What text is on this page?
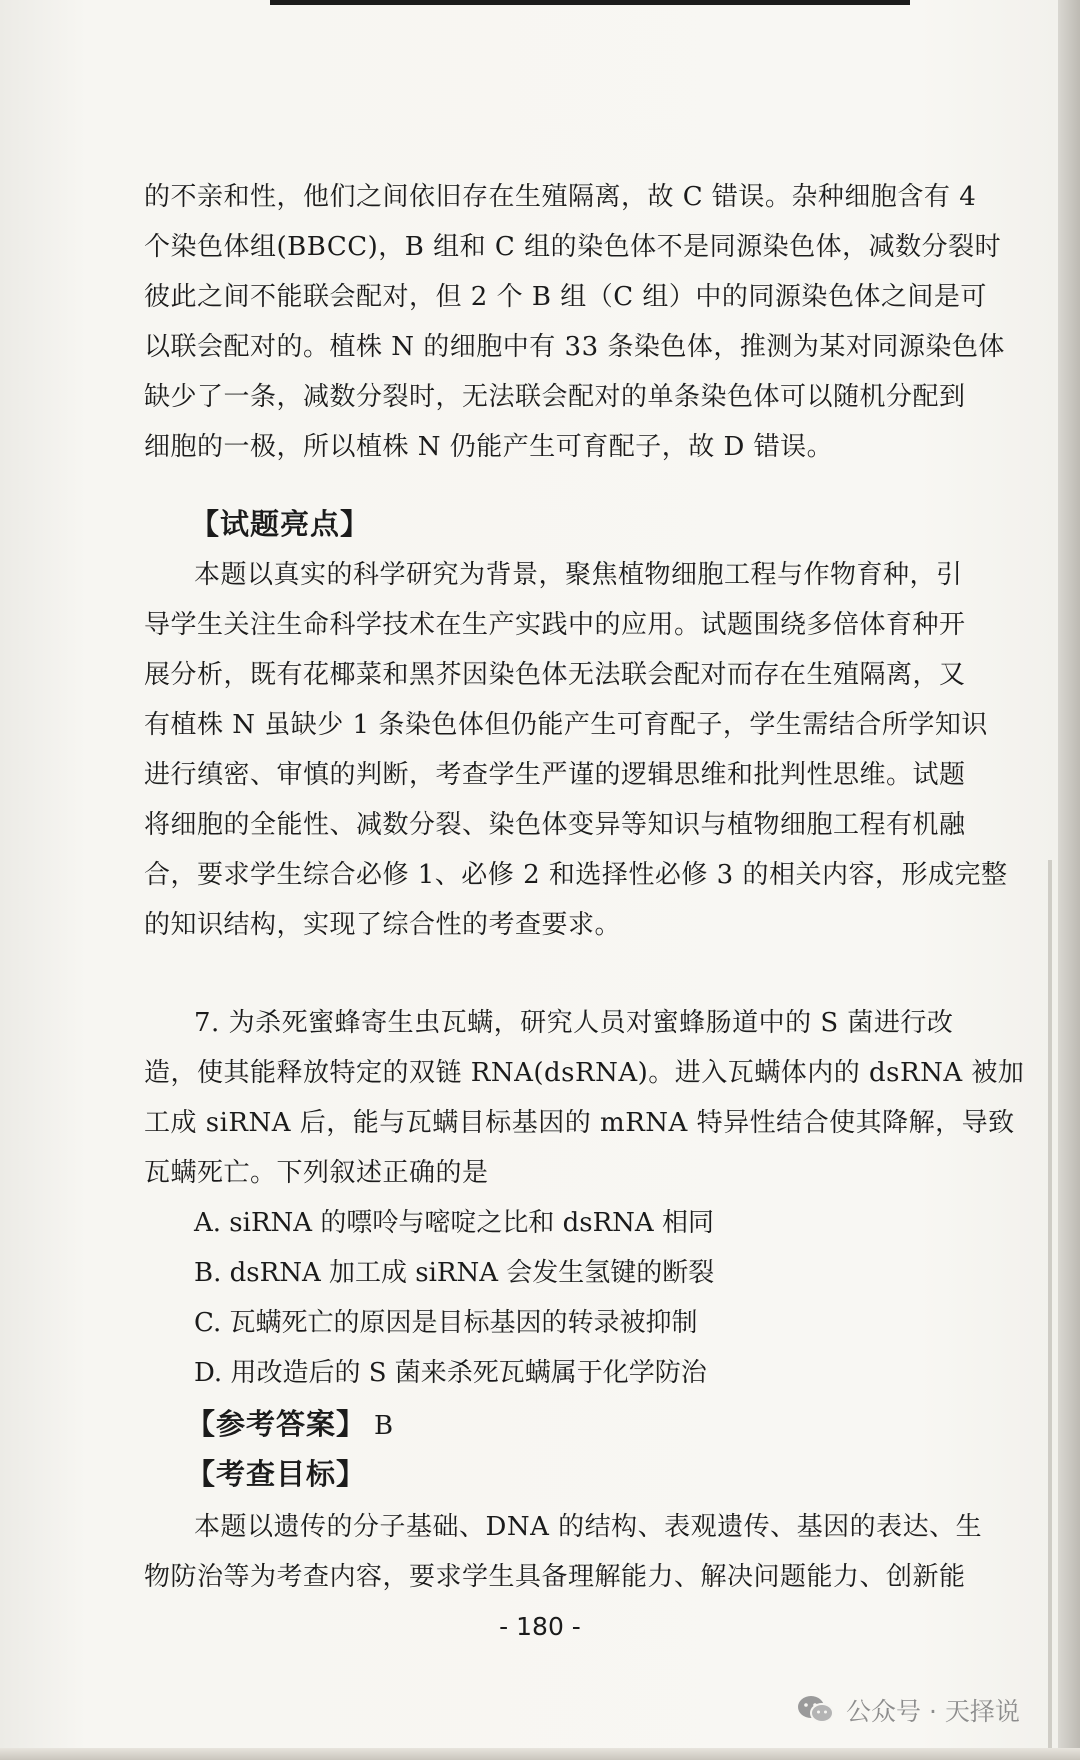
的不亲和性，他们之间依旧存在生殖隔离，故 C 错误。杂种细胞含有 4
个染色体组(BBCC)，B 组和 C 组的染色体不是同源染色体，减数分裂时
彼此之间不能联会配对，但 2 个 B 组（C 组）中的同源染色体之间是可
以联会配对的。植株 N 的细胞中有 33 条染色体，推测为某对同源染色体
缺少了一条，减数分裂时，无法联会配对的单条染色体可以随机分配到
细胞的一极，所以植株 N 仍能产生可育配子，故 D 错误。
【试题亮点】
本题以真实的科学研究为背景，聚焦植物细胞工程与作物育种，引
导学生关注生命科学技术在生产实践中的应用。试题围绕多倍体育种开
展分析，既有花椰菜和黑芥因染色体无法联会配对而存在生殖隔离，又
有植株 N 虽缺少 1 条染色体但仍能产生可育配子，学生需结合所学知识
进行缜密、审慎的判断，考查学生严谨的逻辑思维和批判性思维。试题
将细胞的全能性、减数分裂、染色体变异等知识与植物细胞工程有机融
合，要求学生综合必修 1、必修 2 和选择性必修 3 的相关内容，形成完整
的知识结构，实现了综合性的考查要求。
7. 为杀死蜜蜂寄生虫瓦螨，研究人员对蜜蜂肠道中的 S 菌进行改
造，使其能释放特定的双链 RNA(dsRNA)。进入瓦螨体内的 dsRNA 被加
工成 siRNA 后，能与瓦螨目标基因的 mRNA 特异性结合使其降解，导致
瓦螨死亡。下列叙述正确的是
A. siRNA 的嘌呤与嘧啶之比和 dsRNA 相同
B. dsRNA 加工成 siRNA 会发生氢键的断裂
C. 瓦螨死亡的原因是目标基因的转录被抑制
D. 用改造后的 S 菌来杀死瓦螨属于化学防治
【参考答案】 B
【考查目标】
本题以遗传的分子基础、DNA 的结构、表观遗传、基因的表达、生
物防治等为考查内容，要求学生具备理解能力、解决问题能力、创新能
- 180 -
公众号 · 天择说
